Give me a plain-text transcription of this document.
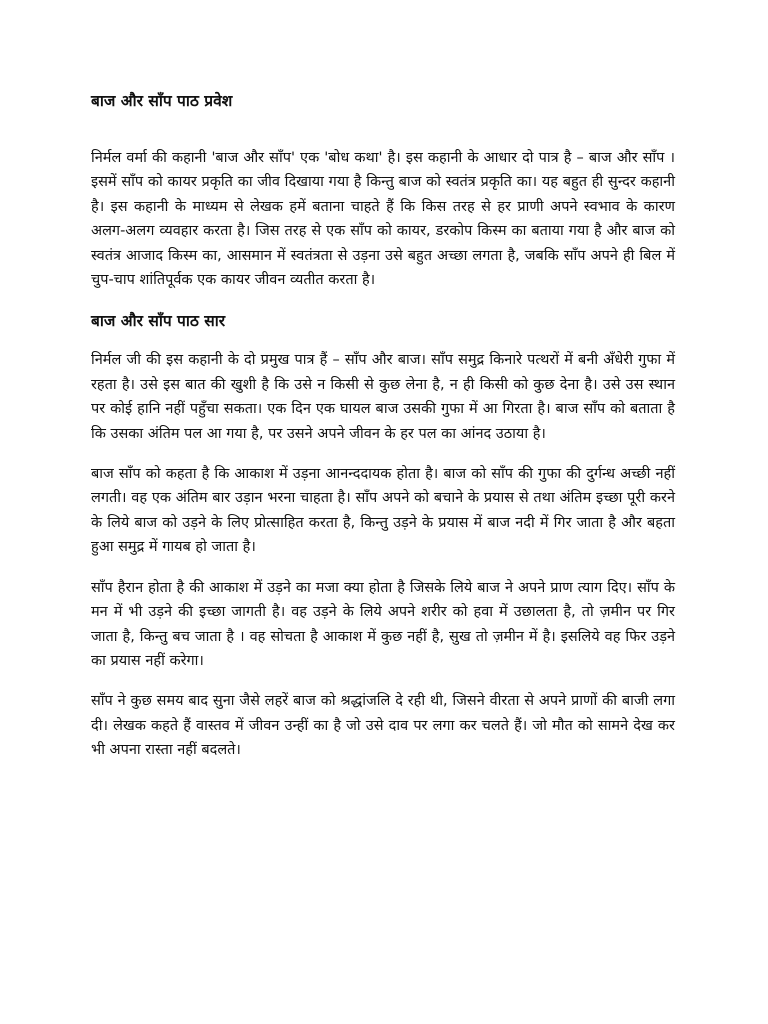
बाज और साँप पाठ प्रवेश

निर्मल वर्मा की कहानी 'बाज और साँप' एक 'बोध कथा' है। इस कहानी के आधार दो पात्र है – बाज और साँप । इसमें साँप को कायर प्रकृति का जीव दिखाया गया है किन्तु बाज को स्वतंत्र प्रकृति का। यह बहुत ही सुन्दर कहानी है। इस कहानी के माध्यम से लेखक हमें बताना चाहते हैं कि किस तरह से हर प्राणी अपने स्वभाव के कारण अलग-अलग व्यवहार करता है। जिस तरह से एक साँप को कायर, डरकोप किस्म का बताया गया है और बाज को स्वतंत्र आजाद किस्म का, आसमान में स्वतंत्रता से उड़ना उसे बहुत अच्छा लगता है, जबकि साँप अपने ही बिल में चुप-चाप शांतिपूर्वक एक कायर जीवन व्यतीत करता है।

बाज और साँप पाठ सार

निर्मल जी की इस कहानी के दो प्रमुख पात्र हैं – साँप और बाज। साँप समुद्र किनारे पत्थरों में बनी अँधेरी गुफा में रहता है। उसे इस बात की खुशी है कि उसे न किसी से कुछ लेना है, न ही किसी को कुछ देना है। उसे उस स्थान पर कोई हानि नहीं पहुँचा सकता। एक दिन एक घायल बाज उसकी गुफा में आ गिरता है। बाज साँप को बताता है कि उसका अंतिम पल आ गया है, पर उसने अपने जीवन के हर पल का आंनद उठाया है।

बाज साँप को कहता है कि आकाश में उड़ना आनन्ददायक होता है। बाज को साँप की गुफा की दुर्गन्ध अच्छी नहीं लगती। वह एक अंतिम बार उड़ान भरना चाहता है। साँप अपने को बचाने के प्रयास से तथा अंतिम इच्छा पूरी करने के लिये बाज को उड़ने के लिए प्रोत्साहित करता है, किन्तु उड़ने के प्रयास में बाज नदी में गिर जाता है और बहता हुआ समुद्र में गायब हो जाता है।

साँप हैरान होता है की आकाश में उड़ने का मजा क्या होता है जिसके लिये बाज ने अपने प्राण त्याग दिए। साँप के मन में भी उड़ने की इच्छा जागती है। वह उड़ने के लिये अपने शरीर को हवा में उछालता है, तो ज़मीन पर गिर जाता है, किन्तु बच जाता है । वह सोचता है आकाश में कुछ नहीं है, सुख तो ज़मीन में है। इसलिये वह फिर उड़ने का प्रयास नहीं करेगा।

साँप ने कुछ समय बाद सुना जैसे लहरें बाज को श्रद्धांजलि दे रही थी, जिसने वीरता से अपने प्राणों की बाजी लगा दी। लेखक कहते हैं वास्तव में जीवन उन्हीं का है जो उसे दाव पर लगा कर चलते हैं। जो मौत को सामने देख कर भी अपना रास्ता नहीं बदलते।
